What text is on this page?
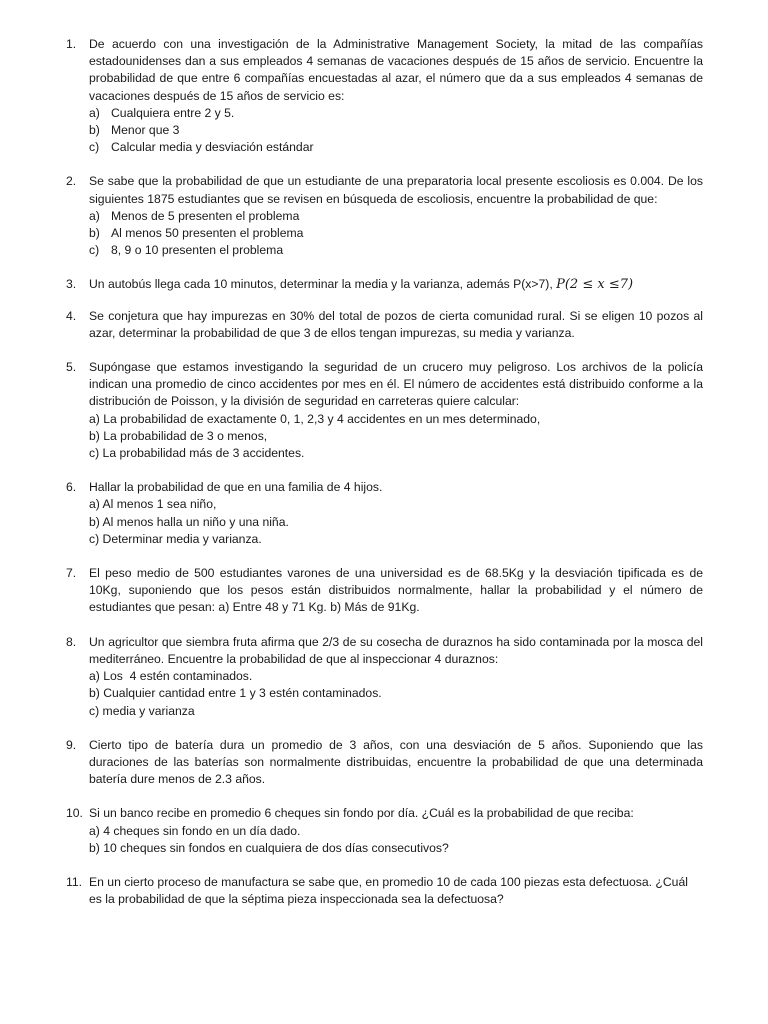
1. De acuerdo con una investigación de la Administrative Management Society, la mitad de las compañías estadounidenses dan a sus empleados 4 semanas de vacaciones después de 15 años de servicio. Encuentre la probabilidad de que entre 6 compañías encuestadas al azar, el número que da a sus empleados 4 semanas de vacaciones después de 15 años de servicio es:
a) Cualquiera entre 2 y 5.
b) Menor que 3
c) Calcular media y desviación estándar
2. Se sabe que la probabilidad de que un estudiante de una preparatoria local presente escoliosis es 0.004. De los siguientes 1875 estudiantes que se revisen en búsqueda de escoliosis, encuentre la probabilidad de que:
a) Menos de 5 presenten el problema
b) Al menos 50 presenten el problema
c) 8, 9 o 10 presenten el problema
3. Un autobús llega cada 10 minutos, determinar la media y la varianza, además P(x>7), P(2 ≤ x ≤7)
4. Se conjetura que hay impurezas en 30% del total de pozos de cierta comunidad rural. Si se eligen 10 pozos al azar, determinar la probabilidad de que 3 de ellos tengan impurezas, su media y varianza.
5. Supóngase que estamos investigando la seguridad de un crucero muy peligroso. Los archivos de la policía indican una promedio de cinco accidentes por mes en él. El número de accidentes está distribuido conforme a la distribución de Poisson, y la división de seguridad en carreteras quiere calcular:
a) La probabilidad de exactamente 0, 1, 2,3 y 4 accidentes en un mes determinado,
b) La probabilidad de 3 o menos,
c) La probabilidad más de 3 accidentes.
6. Hallar la probabilidad de que en una familia de 4 hijos.
a) Al menos 1 sea niño,
b) Al menos halla un niño y una niña.
c) Determinar media y varianza.
7. El peso medio de 500 estudiantes varones de una universidad es de 68.5Kg y la desviación tipificada es de 10Kg, suponiendo que los pesos están distribuidos normalmente, hallar la probabilidad y el número de estudiantes que pesan: a) Entre 48 y 71 Kg. b) Más de 91Kg.
8. Un agricultor que siembra fruta afirma que 2/3 de su cosecha de duraznos ha sido contaminada por la mosca del mediterráneo. Encuentre la probabilidad de que al inspeccionar 4 duraznos:
a) Los  4 estén contaminados.
b) Cualquier cantidad entre 1 y 3 estén contaminados.
c) media y varianza
9. Cierto tipo de batería dura un promedio de 3 años, con una desviación de 5 años. Suponiendo que las duraciones de las baterías son normalmente distribuidas, encuentre la probabilidad de que una determinada batería dure menos de 2.3 años.
10. Si un banco recibe en promedio 6 cheques sin fondo por día. ¿Cuál es la probabilidad de que reciba:
a) 4 cheques sin fondo en un día dado.
b) 10 cheques sin fondos en cualquiera de dos días consecutivos?
11. En un cierto proceso de manufactura se sabe que, en promedio 10 de cada 100 piezas esta defectuosa. ¿Cuál es la probabilidad de que la séptima pieza inspeccionada sea la defectuosa?
